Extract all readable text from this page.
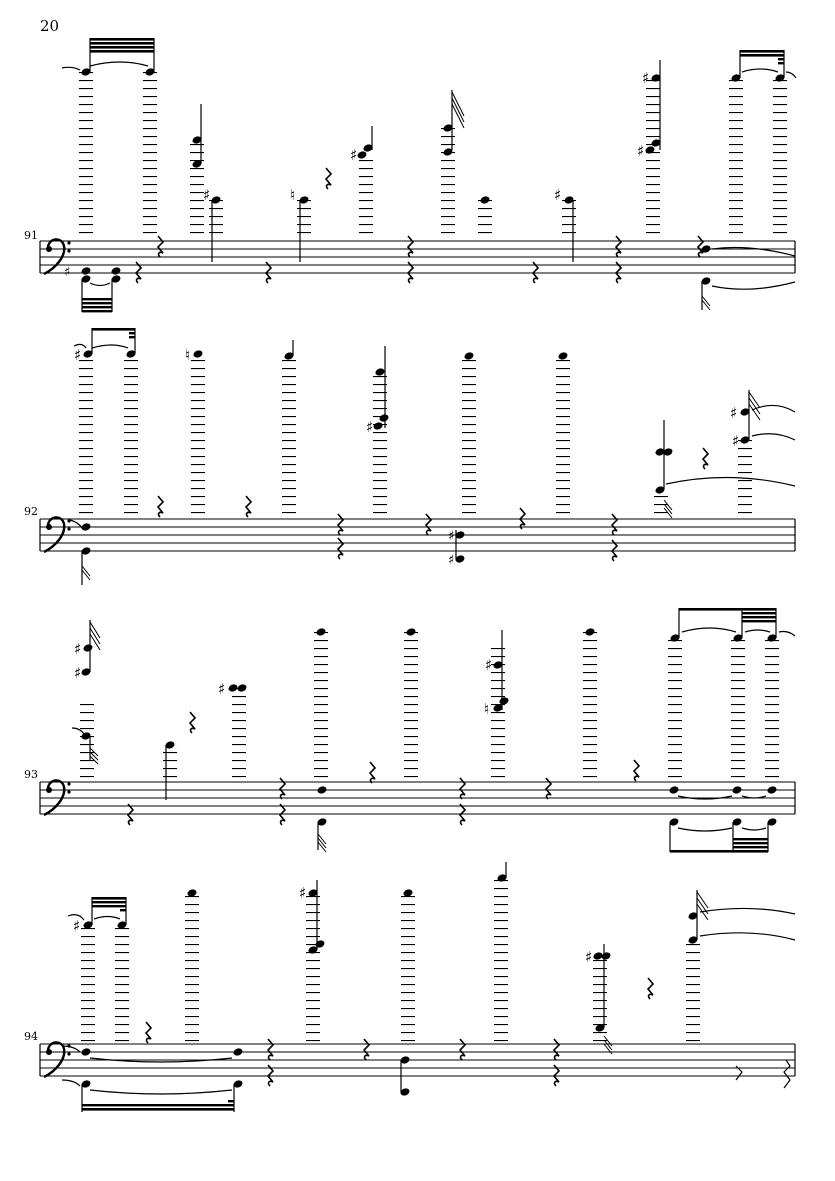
20
91
92
93
94
♯	♮
♯
♯
♯
♯
♯
♯	♮
♯
♯
♯
♯
♯
♯
♯
♯
♯
♮
♯
♯
♯
